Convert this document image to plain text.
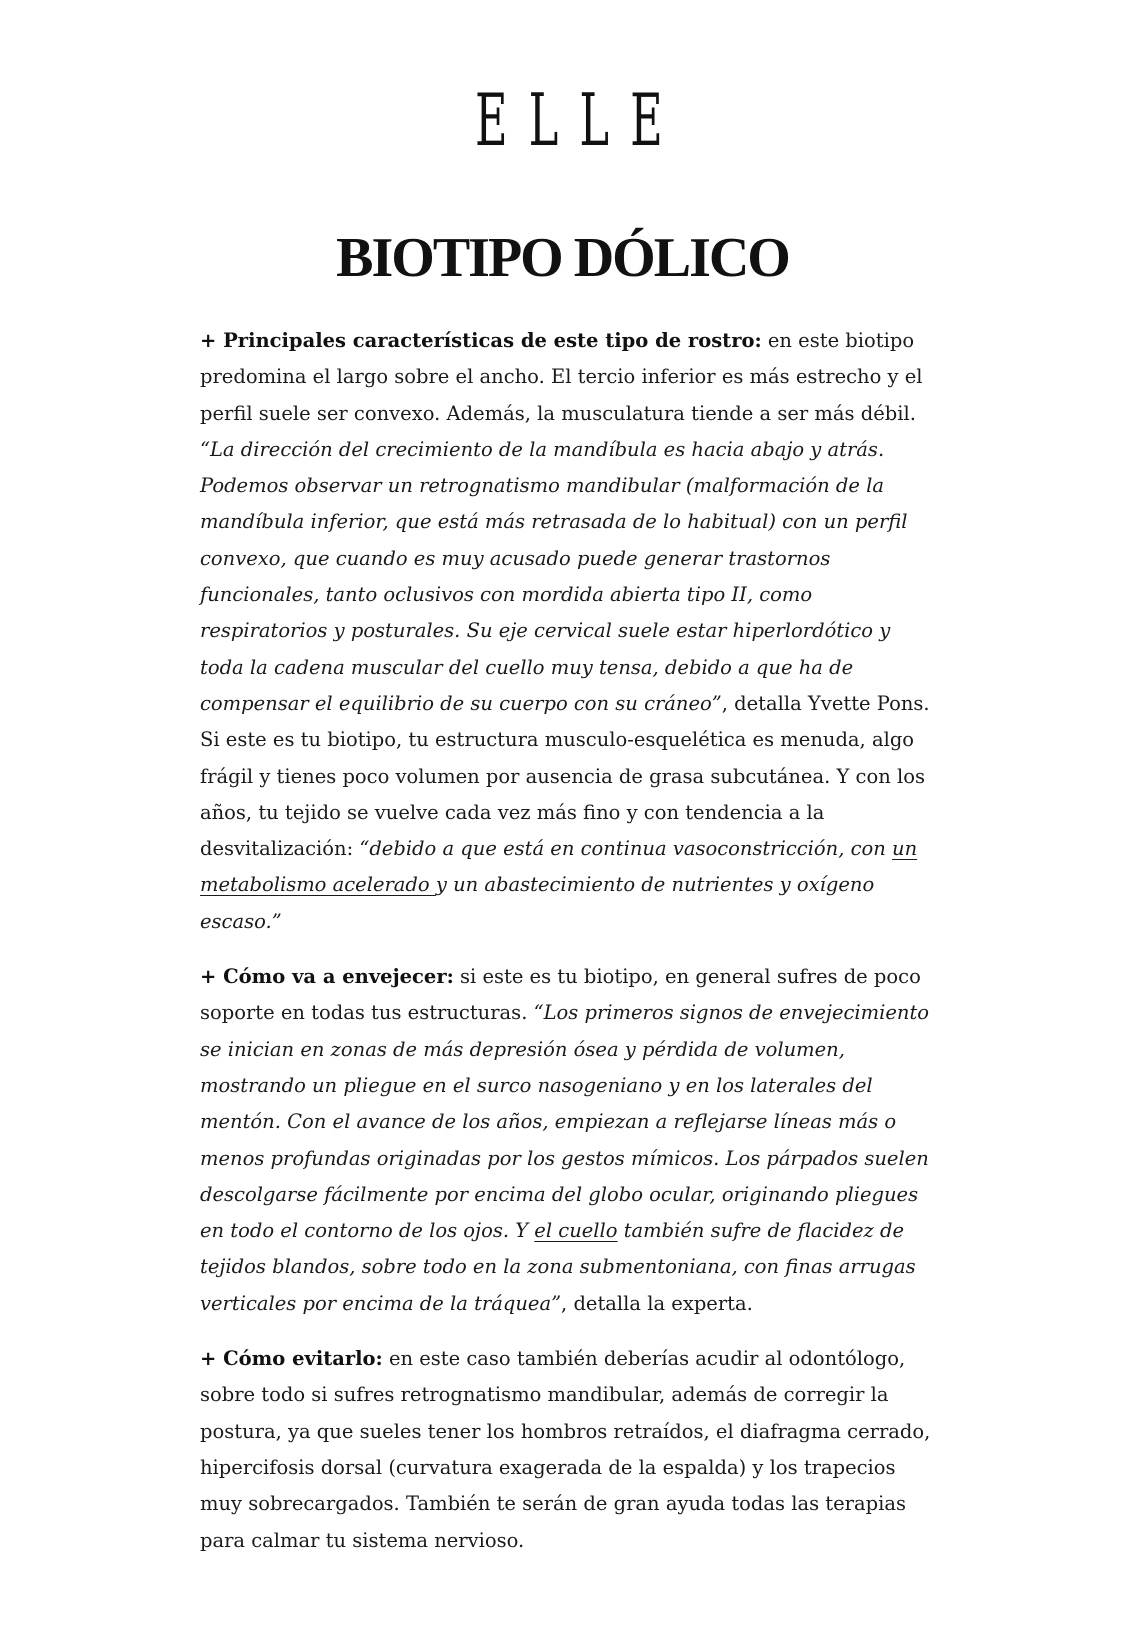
ELLE
BIOTIPO DÓLICO

+ Principales características de este tipo de rostro: en este biotipo predomina el largo sobre el ancho. El tercio inferior es más estrecho y el perfil suele ser convexo. Además, la musculatura tiende a ser más débil. “La dirección del crecimiento de la mandíbula es hacia abajo y atrás. Podemos observar un retrognatismo mandibular (malformación de la mandíbula inferior, que está más retrasada de lo habitual) con un perfil convexo, que cuando es muy acusado puede generar trastornos funcionales, tanto oclusivos con mordida abierta tipo II, como respiratorios y posturales. Su eje cervical suele estar hiperlordótico y toda la cadena muscular del cuello muy tensa, debido a que ha de compensar el equilibrio de su cuerpo con su cráneo”, detalla Yvette Pons. Si este es tu biotipo, tu estructura musculo-esquelética es menuda, algo frágil y tienes poco volumen por ausencia de grasa subcutánea. Y con los años, tu tejido se vuelve cada vez más fino y con tendencia a la desvitalización: “debido a que está en continua vasoconstricción, con un metabolismo acelerado y un abastecimiento de nutrientes y oxígeno escaso.”

+ Cómo va a envejecer: si este es tu biotipo, en general sufres de poco soporte en todas tus estructuras. “Los primeros signos de envejecimiento se inician en zonas de más depresión ósea y pérdida de volumen, mostrando un pliegue en el surco nasogeniano y en los laterales del mentón. Con el avance de los años, empiezan a reflejarse líneas más o menos profundas originadas por los gestos mímicos. Los párpados suelen descolgarse fácilmente por encima del globo ocular, originando pliegues en todo el contorno de los ojos. Y el cuello también sufre de flacidez de tejidos blandos, sobre todo en la zona submentoniana, con finas arrugas verticales por encima de la tráquea”, detalla la experta.

+ Cómo evitarlo: en este caso también deberías acudir al odontólogo, sobre todo si sufres retrognatismo mandibular, además de corregir la postura, ya que sueles tener los hombros retraídos, el diafragma cerrado, hipercifosis dorsal (curvatura exagerada de la espalda) y los trapecios muy sobrecargados. También te serán de gran ayuda todas las terapias para calmar tu sistema nervioso.
